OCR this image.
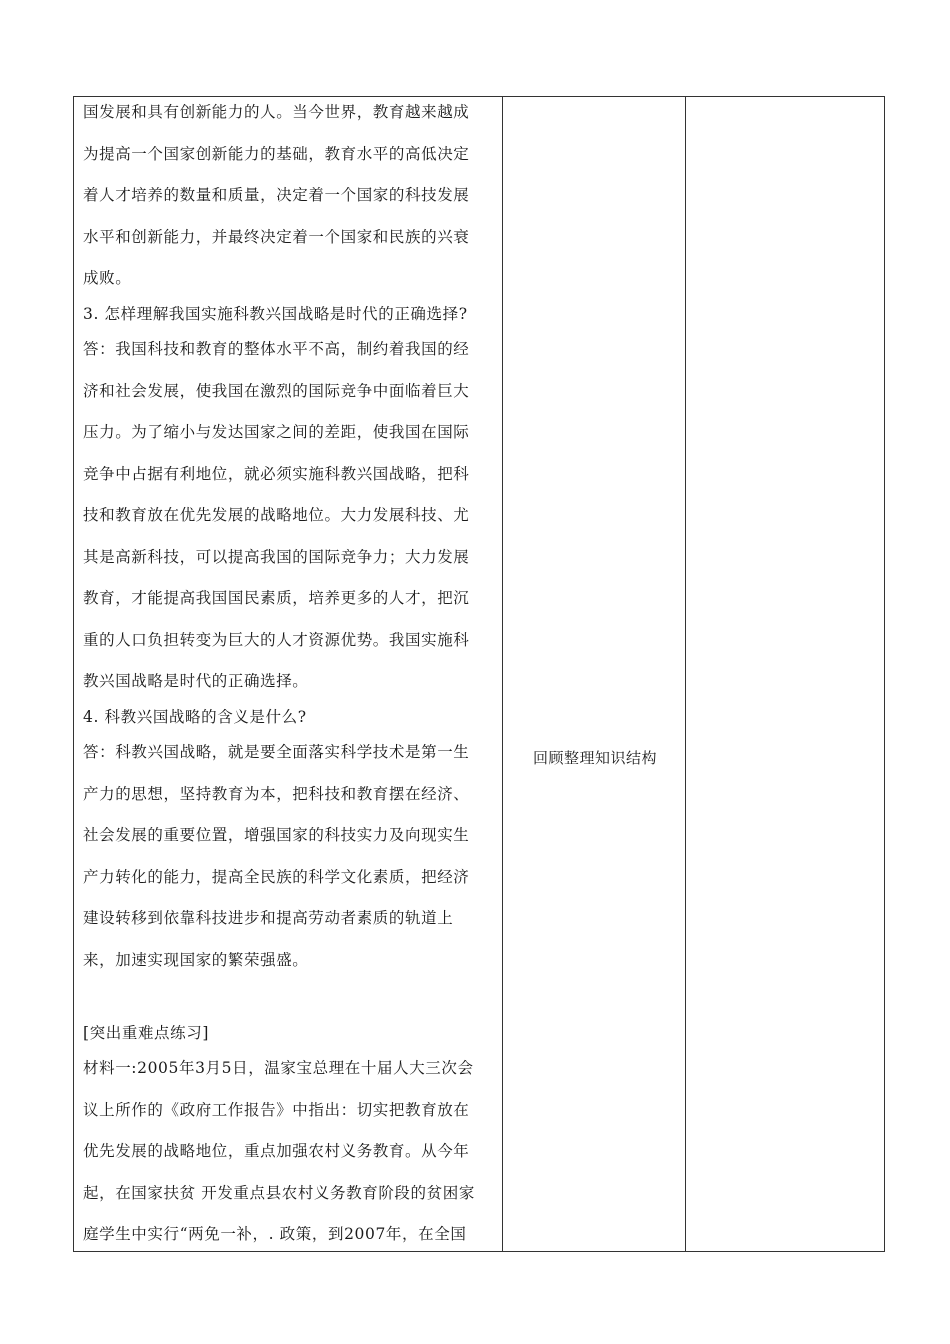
国发展和具有创新能力的人。当今世界，教育越来越成
为提高一个国家创新能力的基础，教育水平的高低决定
着人才培养的数量和质量，决定着一个国家的科技发展
水平和创新能力，并最终决定着一个国家和民族的兴衰
成败。
3. 怎样理解我国实施科教兴国战略是时代的正确选择?
答：我国科技和教育的整体水平不高，制约着我国的经
济和社会发展，使我国在激烈的国际竞争中面临着巨大
压力。为了缩小与发达国家之间的差距，使我国在国际
竞争中占据有利地位，就必须实施科教兴国战略，把科
技和教育放在优先发展的战略地位。大力发展科技、尤
其是高新科技，可以提高我国的国际竞争力；大力发展
教育，才能提高我国国民素质，培养更多的人才，把沉
重的人口负担转变为巨大的人才资源优势。我国实施科
教兴国战略是时代的正确选择。
4. 科教兴国战略的含义是什么?
答：科教兴国战略，就是要全面落实科学技术是第一生
产力的思想，坚持教育为本，把科技和教育摆在经济、
社会发展的重要位置，增强国家的科技实力及向现实生
产力转化的能力，提高全民族的科学文化素质，把经济
建设转移到依靠科技进步和提高劳动者素质的轨道上
来，加速实现国家的繁荣强盛。
[突出重难点练习]
材料一:2005年3月5日，温家宝总理在十届人大三次会
议上所作的《政府工作报告》中指出：切实把教育放在
优先发展的战略地位，重点加强农村义务教育。从今年
起，在国家扶贫 开发重点县农村义务教育阶段的贫困家
庭学生中实行“两免一补，. 政策，到2007年，在全国
回顾整理知识结构
